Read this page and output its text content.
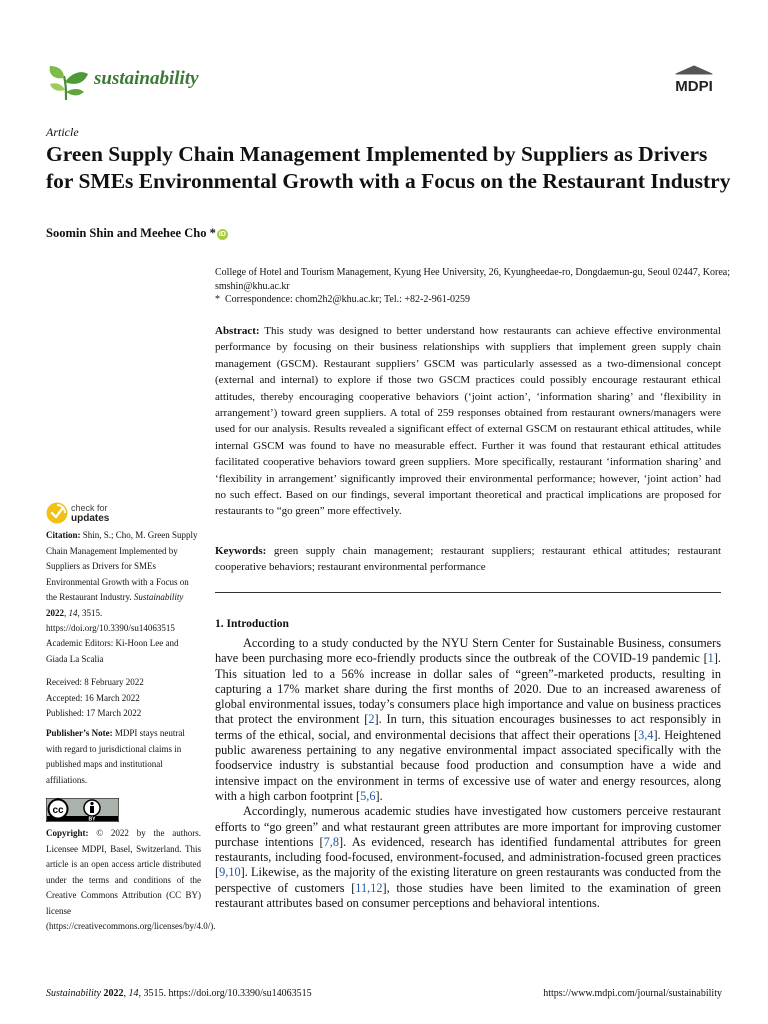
sustainability	MDPI
Article
Green Supply Chain Management Implemented by Suppliers as Drivers for SMEs Environmental Growth with a Focus on the Restaurant Industry
Soomin Shin and Meehee Cho * iD

College of Hotel and Tourism Management, Kyung Hee University, 26, Kyungheedae-ro, Dongdaemun-gu, Seoul 02447, Korea; smshin@khu.ac.kr

* Correspondence: chom2h2@khu.ac.kr; Tel.: +82-2-961-0259

Abstract: This study was designed to better understand how restaurants can achieve effective environmental performance by focusing on their business relationships with suppliers that implement green supply chain management (GSCM). Restaurant suppliers’ GSCM was particularly assessed as a two-dimensional concept (external and internal) to explore if those two GSCM practices could possibly encourage restaurant ethical attitudes, thereby encouraging cooperative behaviors (‘joint action’, ‘information sharing’ and ‘flexibility in arrangement’) toward green suppliers. A total of 259 responses obtained from restaurant owners/managers were used for our analysis. Results revealed a significant effect of external GSCM on restaurant ethical attitudes, while internal GSCM was found to have no measurable effect. Further it was found that restaurant ethical attitudes facilitated cooperative behaviors toward green suppliers. More specifically, restaurant ‘information sharing’ and ‘flexibility in arrangement’ significantly improved their environmental performance; however, ‘joint action’ had no such effect. Based on our findings, several important theoretical and practical implications are proposed for restaurants to “go green” more effectively.

Keywords: green supply chain management; restaurant suppliers; restaurant ethical attitudes; restaurant cooperative behaviors; restaurant environmental performance

1. Introduction

According to a study conducted by the NYU Stern Center for Sustainable Business, consumers have been purchasing more eco-friendly products since the outbreak of the COVID-19 pandemic [1]. This situation led to a 56% increase in dollar sales of “green”-marketed products, resulting in capturing a 17% market share during the first months of 2020. Due to an increased awareness of global environmental issues, today’s consumers place high importance and value on business practices that protect the environment [2]. In turn, this situation encourages businesses to act responsibly in terms of the ethical, social, and environmental decisions that affect their operations [3,4]. Heightened public awareness pertaining to any negative environmental impact associated specifically with the foodservice industry is substantial because food production and consumption have a wide and intensive impact on the environment in terms of excessive use of water and energy resources, along with a high carbon footprint [5,6].

Accordingly, numerous academic studies have investigated how customers perceive restaurant efforts to “go green” and what restaurant green attributes are more important for improving customer purchase intentions [7,8]. As evidenced, research has identified fundamental attributes for green restaurants, including food-focused, environment-focused, and administration-focused green practices [9,10]. Likewise, as the majority of the existing literature on green restaurants was conducted from the perspective of customers [11,12], those studies have been limited to the examination of green restaurant attributes based on consumer perceptions and behavioral intentions.

check for
updates

Citation: Shin, S.; Cho, M. Green Supply Chain Management Implemented by Suppliers as Drivers for SMEs Environmental Growth with a Focus on the Restaurant Industry. Sustainability 2022, 14, 3515. https://doi.org/10.3390/su14063515

Academic Editors: Ki-Hoon Lee and Giada La Scalia

Received: 8 February 2022

Accepted: 16 March 2022

Published: 17 March 2022

Publisher’s Note: MDPI stays neutral with regard to jurisdictional claims in published maps and institutional affiliations.

cc
BY

Copyright: © 2022 by the authors. Licensee MDPI, Basel, Switzerland. This article is an open access article distributed under the terms and conditions of the Creative Commons Attribution (CC BY) license (https://creativecommons.org/licenses/by/4.0/).

Sustainability 2022, 14, 3515. https://doi.org/10.3390/su14063515	https://www.mdpi.com/journal/sustainability
